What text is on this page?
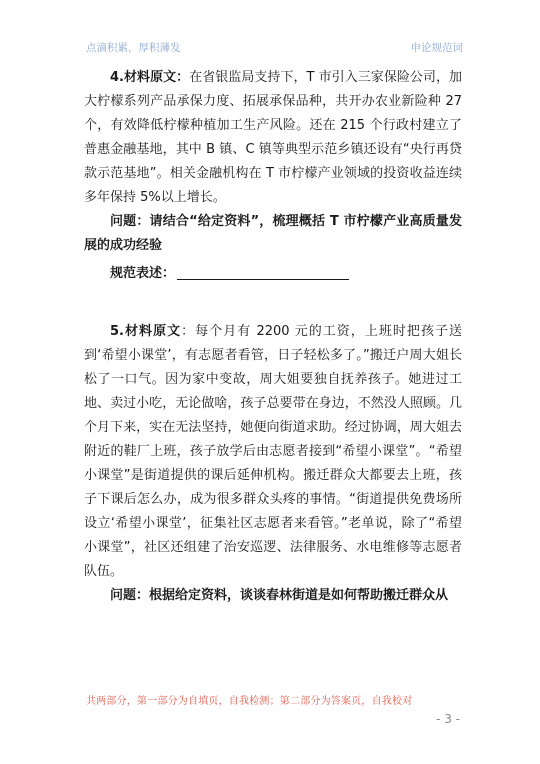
点滴积累，厚积薄发	申论规范词

4.材料原文：在省银监局支持下，T 市引入三家保险公司，加大柠檬系列产品承保力度、拓展承保品种，共开办农业新险种 27 个，有效降低柠檬种植加工生产风险。还在 215 个行政村建立了普惠金融基地，其中 B 镇、C 镇等典型示范乡镇还设有“央行再贷款示范基地”。相关金融机构在 T 市柠檬产业领域的投资收益连续多年保持 5%以上增长。

问题：请结合“给定资料”，梳理概括 T 市柠檬产业高质量发展的成功经验

规范表述：

5.材料原文：每个月有 2200 元的工资，上班时把孩子送到‘希望小课堂’，有志愿者看管，日子轻松多了。”搬迁户周大姐长松了一口气。因为家中变故，周大姐要独自抚养孩子。她进过工地、卖过小吃，无论做啥，孩子总要带在身边，不然没人照顾。几个月下来，实在无法坚持，她便向街道求助。经过协调，周大姐去附近的鞋厂上班，孩子放学后由志愿者接到“希望小课堂”。“希望小课堂”是街道提供的课后延伸机构。搬迁群众大都要去上班，孩子下课后怎么办，成为很多群众头疼的事情。“街道提供免费场所设立‘希望小课堂’，征集社区志愿者来看管。”老单说，除了“希望小课堂”，社区还组建了治安巡逻、法律服务、水电维修等志愿者队伍。

问题：根据给定资料，谈谈春林街道是如何帮助搬迁群众从

共两部分，第一部分为自填页，自我检测；第二部分为答案页，自我校对
- 3 -
